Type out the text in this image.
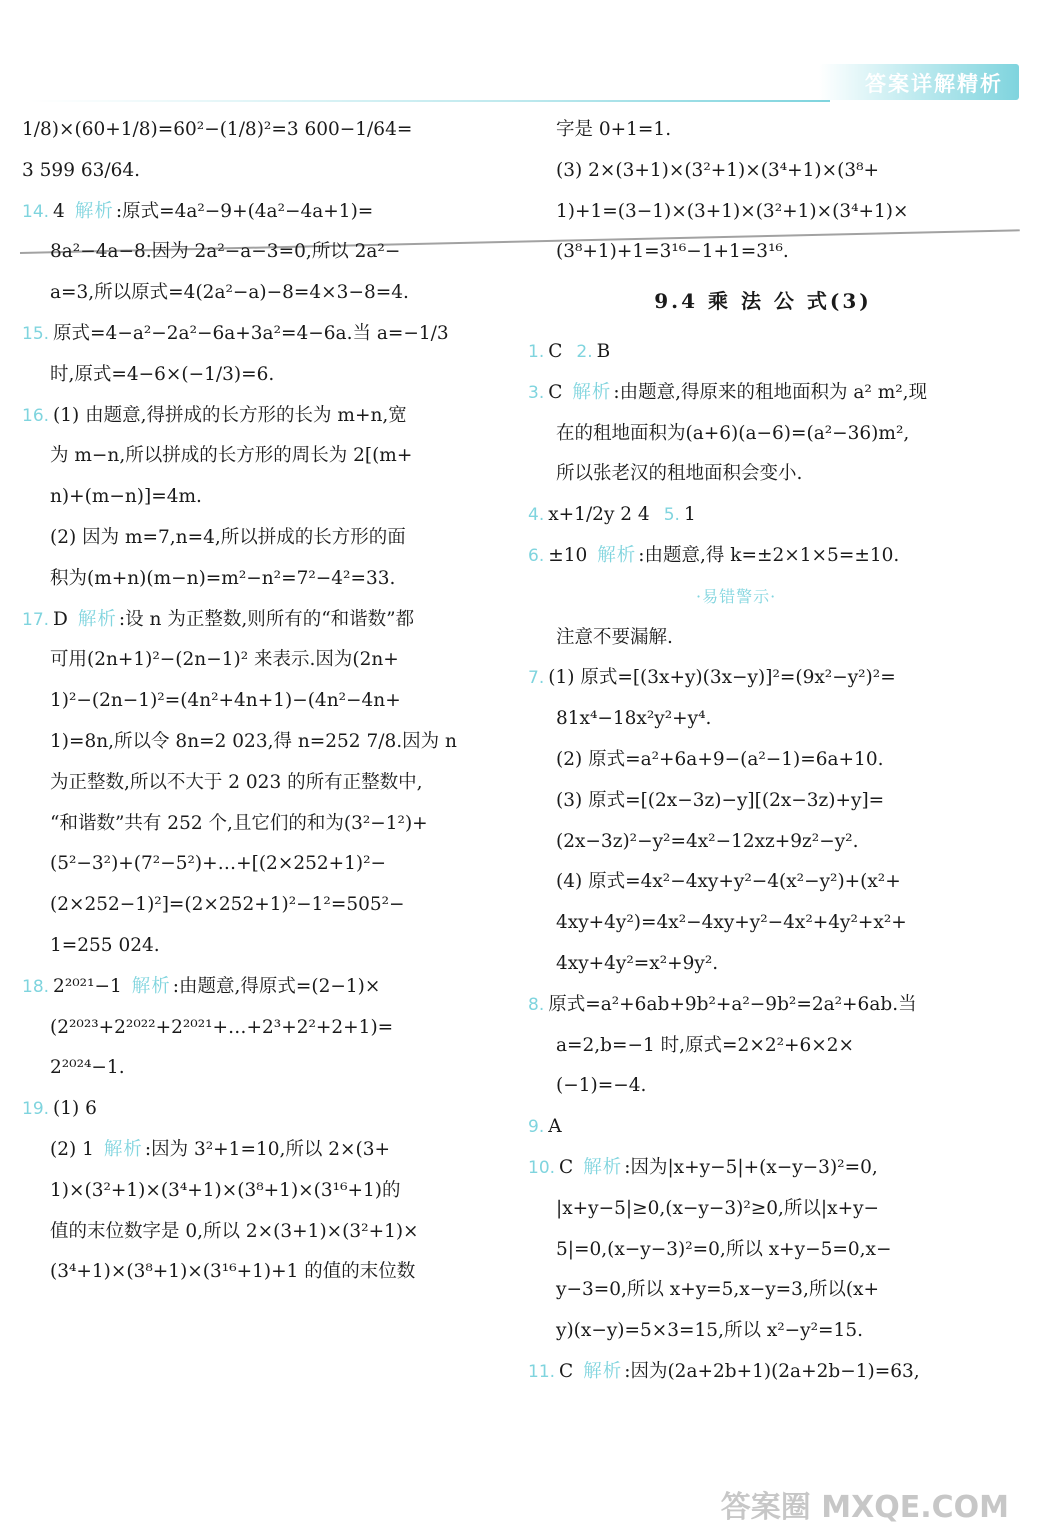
答案详解精析
1/8)×(60+1/8)=60²−(1/8)²=3 600−1/64=
3 599 63/64.
14. 4 解析 :原式=4a²−9+(4a²−4a+1)=
8a²−4a−8.因为 2a²−a−3=0,所以 2a²−
a=3,所以原式=4(2a²−a)−8=4×3−8=4.
15. 原式=4−a²−2a²−6a+3a²=4−6a.当 a=−1/3
时,原式=4−6×(−1/3)=6.
16. (1) 由题意,得拼成的长方形的长为 m+n,宽
为 m−n,所以拼成的长方形的周长为 2[(m+
n)+(m−n)]=4m.
(2) 因为 m=7,n=4,所以拼成的长方形的面
积为(m+n)(m−n)=m²−n²=7²−4²=33.
17. D 解析 :设 n 为正整数,则所有的“和谐数”都
可用(2n+1)²−(2n−1)² 来表示.因为(2n+
1)²−(2n−1)²=(4n²+4n+1)−(4n²−4n+
1)=8n,所以令 8n=2 023,得 n=252 7/8.因为 n
为正整数,所以不大于 2 023 的所有正整数中,
“和谐数”共有 252 个,且它们的和为(3²−1²)+
(5²−3²)+(7²−5²)+…+[(2×252+1)²−
(2×252−1)²]=(2×252+1)²−1²=505²−
1=255 024.
18. 2²⁰²¹−1 解析 :由题意,得原式=(2−1)×
(2²⁰²³+2²⁰²²+2²⁰²¹+…+2³+2²+2+1)=
2²⁰²⁴−1.
19. (1) 6
(2) 1 解析 :因为 3²+1=10,所以 2×(3+
1)×(3²+1)×(3⁴+1)×(3⁸+1)×(3¹⁶+1)的
值的末位数字是 0,所以 2×(3+1)×(3²+1)×
(3⁴+1)×(3⁸+1)×(3¹⁶+1)+1 的值的末位数
字是 0+1=1.
(3) 2×(3+1)×(3²+1)×(3⁴+1)×(3⁸+
1)+1=(3−1)×(3+1)×(3²+1)×(3⁴+1)×
(3⁸+1)+1=3¹⁶−1+1=3¹⁶.
9.4 乘 法 公 式(3)
1. C 2. B
3. C 解析 :由题意,得原来的租地面积为 a² m²,现
在的租地面积为(a+6)(a−6)=(a²−36)m²,
所以张老汉的租地面积会变小.
4. x+1/2y 2 4 5. 1
6. ±10 解析 :由题意,得 k=±2×1×5=±10.
·易错警示·
注意不要漏解.
7. (1) 原式=[(3x+y)(3x−y)]²=(9x²−y²)²=
81x⁴−18x²y²+y⁴.
(2) 原式=a²+6a+9−(a²−1)=6a+10.
(3) 原式=[(2x−3z)−y][(2x−3z)+y]=
(2x−3z)²−y²=4x²−12xz+9z²−y².
(4) 原式=4x²−4xy+y²−4(x²−y²)+(x²+
4xy+4y²)=4x²−4xy+y²−4x²+4y²+x²+
4xy+4y²=x²+9y².
8. 原式=a²+6ab+9b²+a²−9b²=2a²+6ab.当
a=2,b=−1 时,原式=2×2²+6×2×
(−1)=−4.
9. A
10. C 解析 :因为|x+y−5|+(x−y−3)²=0,
|x+y−5|≥0,(x−y−3)²≥0,所以|x+y−
5|=0,(x−y−3)²=0,所以 x+y−5=0,x−
y−3=0,所以 x+y=5,x−y=3,所以(x+
y)(x−y)=5×3=15,所以 x²−y²=15.
11. C 解析 :因为(2a+2b+1)(2a+2b−1)=63,
答案圈 MXQE.COM
